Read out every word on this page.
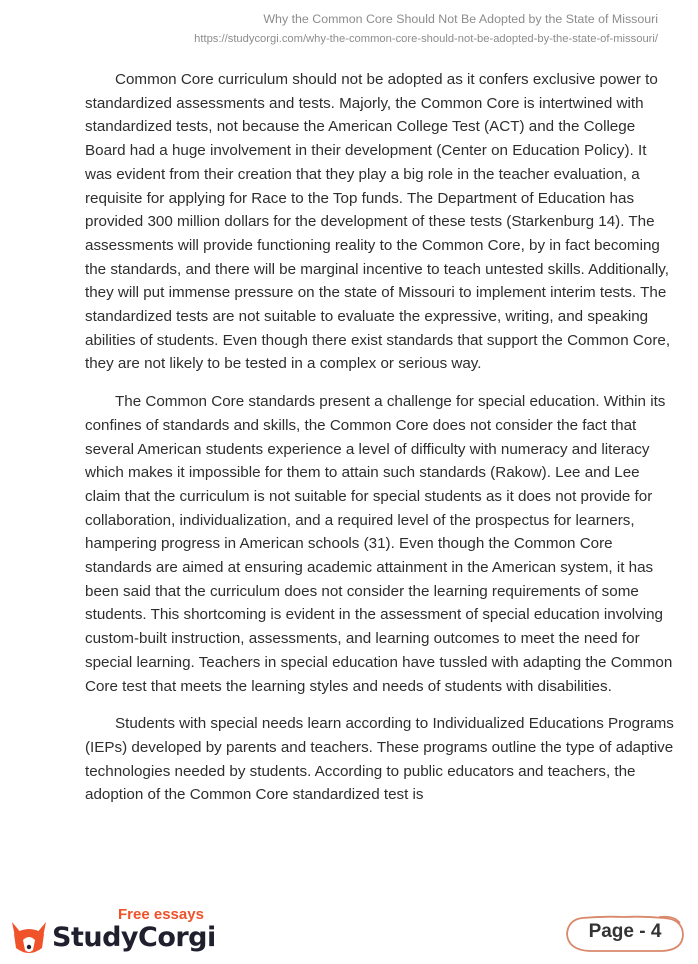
Why the Common Core Should Not Be Adopted by the State of Missouri
https://studycorgi.com/why-the-common-core-should-not-be-adopted-by-the-state-of-missouri/

Common Core curriculum should not be adopted as it confers exclusive power to standardized assessments and tests. Majorly, the Common Core is intertwined with standardized tests, not because the American College Test (ACT) and the College Board had a huge involvement in their development (Center on Education Policy). It was evident from their creation that they play a big role in the teacher evaluation, a requisite for applying for Race to the Top funds. The Department of Education has provided 300 million dollars for the development of these tests (Starkenburg 14). The assessments will provide functioning reality to the Common Core, by in fact becoming the standards, and there will be marginal incentive to teach untested skills. Additionally, they will put immense pressure on the state of Missouri to implement interim tests. The standardized tests are not suitable to evaluate the expressive, writing, and speaking abilities of students. Even though there exist standards that support the Common Core, they are not likely to be tested in a complex or serious way.

The Common Core standards present a challenge for special education. Within its confines of standards and skills, the Common Core does not consider the fact that several American students experience a level of difficulty with numeracy and literacy which makes it impossible for them to attain such standards (Rakow). Lee and Lee claim that the curriculum is not suitable for special students as it does not provide for collaboration, individualization, and a required level of the prospectus for learners, hampering progress in American schools (31). Even though the Common Core standards are aimed at ensuring academic attainment in the American system, it has been said that the curriculum does not consider the learning requirements of some students. This shortcoming is evident in the assessment of special education involving custom-built instruction, assessments, and learning outcomes to meet the need for special learning. Teachers in special education have tussled with adapting the Common Core test that meets the learning styles and needs of students with disabilities.

Students with special needs learn according to Individualized Educations Programs (IEPs) developed by parents and teachers. These programs outline the type of adaptive technologies needed by students. According to public educators and teachers, the adoption of the Common Core standardized test is

Free essays
StudyCorgi	Page - 4
